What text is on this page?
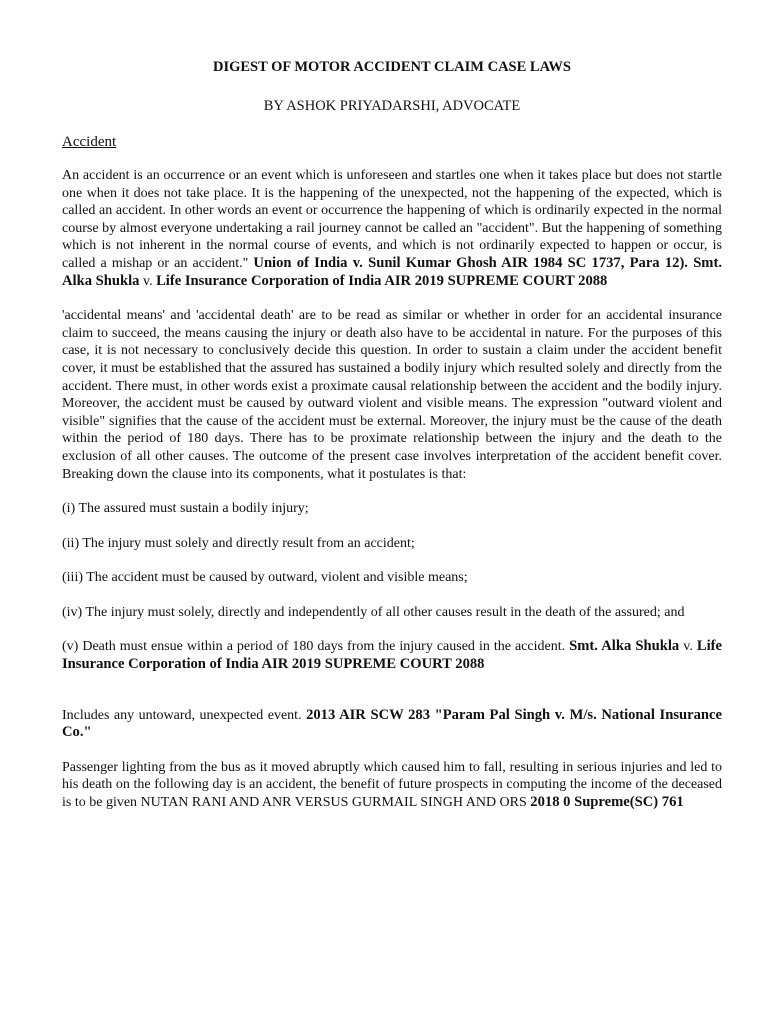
DIGEST OF MOTOR ACCIDENT CLAIM CASE LAWS
BY ASHOK PRIYADARSHI, ADVOCATE
Accident

An accident is an occurrence or an event which is unforeseen and startles one when it takes place but does not startle one when it does not take place. It is the happening of the unexpected, not the happening of the expected, which is called an accident. In other words an event or occurrence the happening of which is ordinarily expected in the normal course by almost everyone undertaking a rail journey cannot be called an "accident". But the happening of something which is not inherent in the normal course of events, and which is not ordinarily expected to happen or occur, is called a mishap or an accident." Union of India v. Sunil Kumar Ghosh AIR 1984 SC 1737, Para 12). Smt. Alka Shukla v. Life Insurance Corporation of India AIR 2019 SUPREME COURT 2088

'accidental means' and 'accidental death' are to be read as similar or whether in order for an accidental insurance claim to succeed, the means causing the injury or death also have to be accidental in nature. For the purposes of this case, it is not necessary to conclusively decide this question. In order to sustain a claim under the accident benefit cover, it must be established that the assured has sustained a bodily injury which resulted solely and directly from the accident. There must, in other words exist a proximate causal relationship between the accident and the bodily injury. Moreover, the accident must be caused by outward violent and visible means. The expression "outward violent and visible" signifies that the cause of the accident must be external. Moreover, the injury must be the cause of the death within the period of 180 days. There has to be proximate relationship between the injury and the death to the exclusion of all other causes. The outcome of the present case involves interpretation of the accident benefit cover. Breaking down the clause into its components, what it postulates is that:

(i) The assured must sustain a bodily injury;

(ii) The injury must solely and directly result from an accident;

(iii) The accident must be caused by outward, violent and visible means;

(iv) The injury must solely, directly and independently of all other causes result in the death of the assured; and

(v) Death must ensue within a period of 180 days from the injury caused in the accident. Smt. Alka Shukla v. Life Insurance Corporation of India AIR 2019 SUPREME COURT 2088

Includes any untoward, unexpected event. 2013 AIR SCW 283 "Param Pal Singh v. M/s. National Insurance Co."

Passenger lighting from the bus as it moved abruptly which caused him to fall, resulting in serious injuries and led to his death on the following day is an accident, the benefit of future prospects in computing the income of the deceased is to be given NUTAN RANI AND ANR VERSUS GURMAIL SINGH AND ORS 2018 0 Supreme(SC) 761
